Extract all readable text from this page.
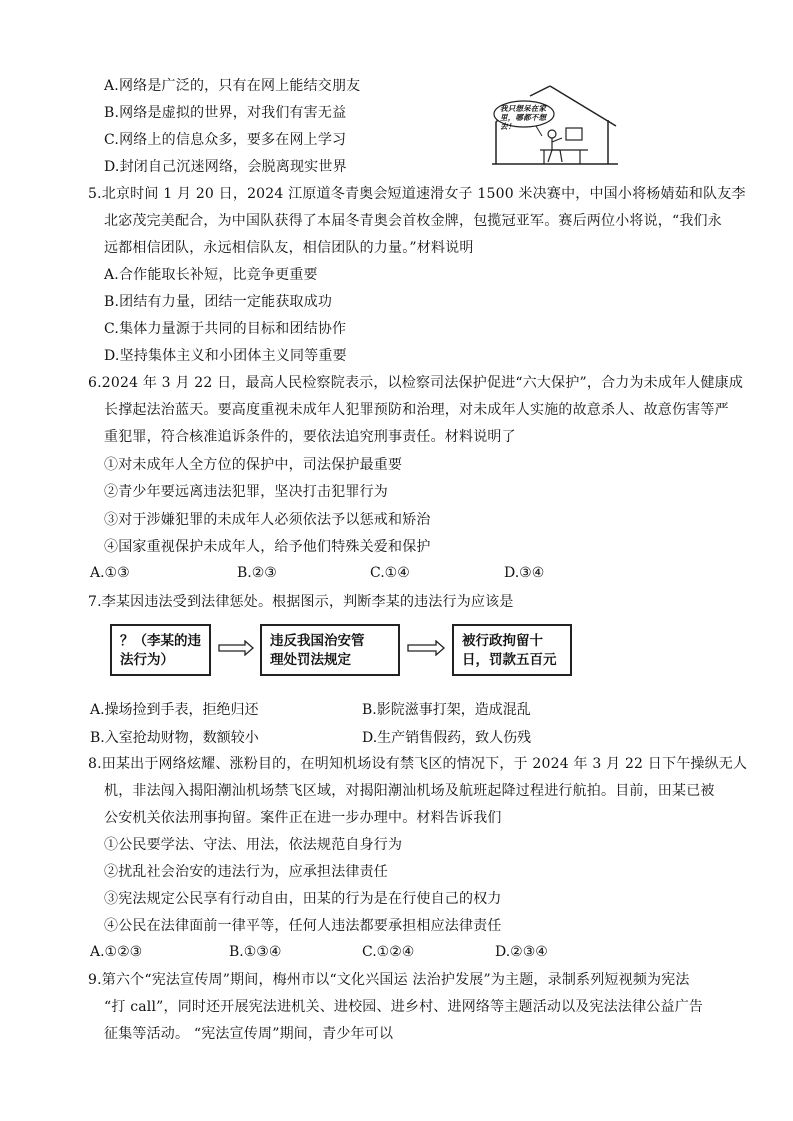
A.网络是广泛的，只有在网上能结交朋友
B.网络是虚拟的世界，对我们有害无益
C.网络上的信息众多，要多在网上学习
D.封闭自己沉迷网络，会脱离现实世界
我只想呆在家里，哪都不想去！
5.北京时间 1 月 20 日，2024 江原道冬青奥会短道速滑女子 1500 米决赛中，中国小将杨婧茹和队友李
北宓茂完美配合，为中国队获得了本届冬青奥会首枚金牌，包揽冠亚军。赛后两位小将说，“我们永
远都相信团队，永远相信队友，相信团队的力量。”材料说明
A.合作能取长补短，比竞争更重要
B.团结有力量，团结一定能获取成功
C.集体力量源于共同的目标和团结协作
D.坚持集体主义和小团体主义同等重要
6.2024 年 3 月 22 日，最高人民检察院表示，以检察司法保护促进“六大保护”，合力为未成年人健康成
长撑起法治蓝天。要高度重视未成年人犯罪预防和治理，对未成年人实施的故意杀人、故意伤害等严
重犯罪，符合核准追诉条件的，要依法追究刑事责任。材料说明了
①对未成年人全方位的保护中，司法保护最重要
②青少年要远离违法犯罪，坚决打击犯罪行为
③对于涉嫌犯罪的未成年人必须依法予以惩戒和矫治
④国家重视保护未成年人，给予他们特殊关爱和保护
A.①③	B.②③	C.①④	D.③④
7.李某因违法受到法律惩处。根据图示，判断李某的违法行为应该是
？（李某的违
法行为）
违反我国治安管
理处罚法规定
被行政拘留十
日，罚款五百元
A.操场捡到手表，拒绝归还	B.影院滋事打架，造成混乱
B.入室抢劫财物，数额较小	D.生产销售假药，致人伤残
8.田某出于网络炫耀、涨粉目的，在明知机场设有禁飞区的情况下，于 2024 年 3 月 22 日下午操纵无人
机，非法闯入揭阳潮汕机场禁飞区域，对揭阳潮汕机场及航班起降过程进行航拍。目前，田某已被
公安机关依法刑事拘留。案件正在进一步办理中。材料告诉我们
①公民要学法、守法、用法，依法规范自身行为
②扰乱社会治安的违法行为，应承担法律责任
③宪法规定公民享有行动自由，田某的行为是在行使自己的权力
④公民在法律面前一律平等，任何人违法都要承担相应法律责任
A.①②③	B.①③④	C.①②④	D.②③④
9.第六个“宪法宣传周”期间，梅州市以“文化兴国运 法治护发展”为主题，录制系列短视频为宪法
“打 call”，同时还开展宪法进机关、进校园、进乡村、进网络等主题活动以及宪法法律公益广告
征集等活动。 “宪法宣传周”期间，青少年可以
